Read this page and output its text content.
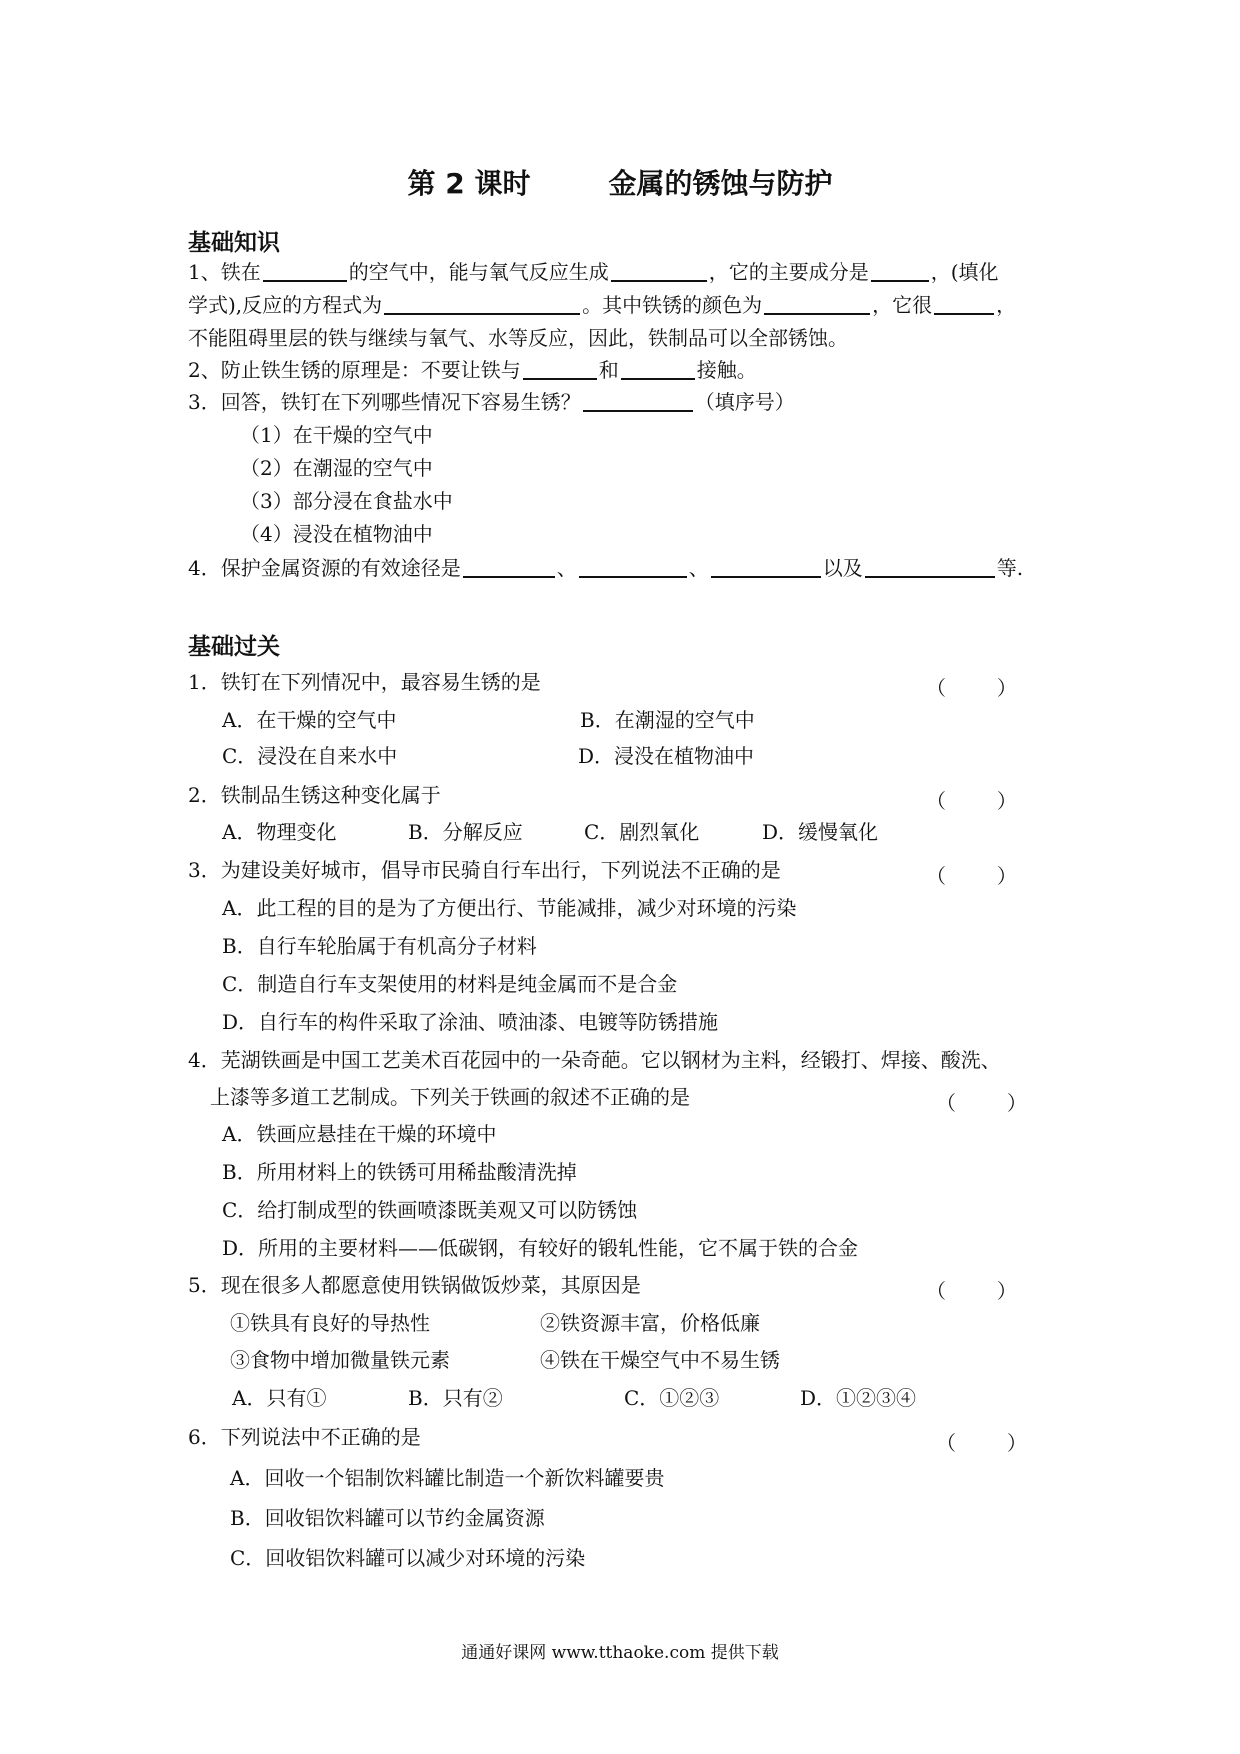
第 2 课时        金属的锈蚀与防护
基础知识
1、铁在	的空气中，能与氧气反应生成	，它的主要成分是	，(填化
学式),反应的方程式为	。其中铁锈的颜色为	，它很	，
不能阻碍里层的铁与继续与氧气、水等反应，因此，铁制品可以全部锈蚀。
2、防止铁生锈的原理是：不要让铁与	和	接触。
3．回答，铁钉在下列哪些情况下容易生锈？	（填序号）
（1）在干燥的空气中
（2）在潮湿的空气中
（3）部分浸在食盐水中
（4）浸没在植物油中
4．保护金属资源的有效途径是	、	、	以及	等.
基础过关
1．铁钉在下列情况中，最容易生锈的是	（        ）
A．在干燥的空气中	B．在潮湿的空气中
C．浸没在自来水中	D．浸没在植物油中
2．铁制品生锈这种变化属于	（        ）
A．物理变化	B．分解反应	C．剧烈氧化	D．缓慢氧化
3．为建设美好城市，倡导市民骑自行车出行，下列说法不正确的是	（        ）
A．此工程的目的是为了方便出行、节能减排，减少对环境的污染
B．自行车轮胎属于有机高分子材料
C．制造自行车支架使用的材料是纯金属而不是合金
D．自行车的构件采取了涂油、喷油漆、电镀等防锈措施
4．芜湖铁画是中国工艺美术百花园中的一朵奇葩。它以钢材为主料，经锻打、焊接、酸洗、
上漆等多道工艺制成。下列关于铁画的叙述不正确的是	（        ）
A．铁画应悬挂在干燥的环境中
B．所用材料上的铁锈可用稀盐酸清洗掉
C．给打制成型的铁画喷漆既美观又可以防锈蚀
D．所用的主要材料——低碳钢，有较好的锻轧性能，它不属于铁的合金
5．现在很多人都愿意使用铁锅做饭炒菜，其原因是	（        ）
①铁具有良好的导热性	②铁资源丰富，价格低廉
③食物中增加微量铁元素	④铁在干燥空气中不易生锈
A．只有①	B．只有②	C．①②③	D．①②③④
6．下列说法中不正确的是	（        ）
A．回收一个铝制饮料罐比制造一个新饮料罐要贵
B．回收铝饮料罐可以节约金属资源
C．回收铝饮料罐可以减少对环境的污染
通通好课网 www.tthaoke.com 提供下载
